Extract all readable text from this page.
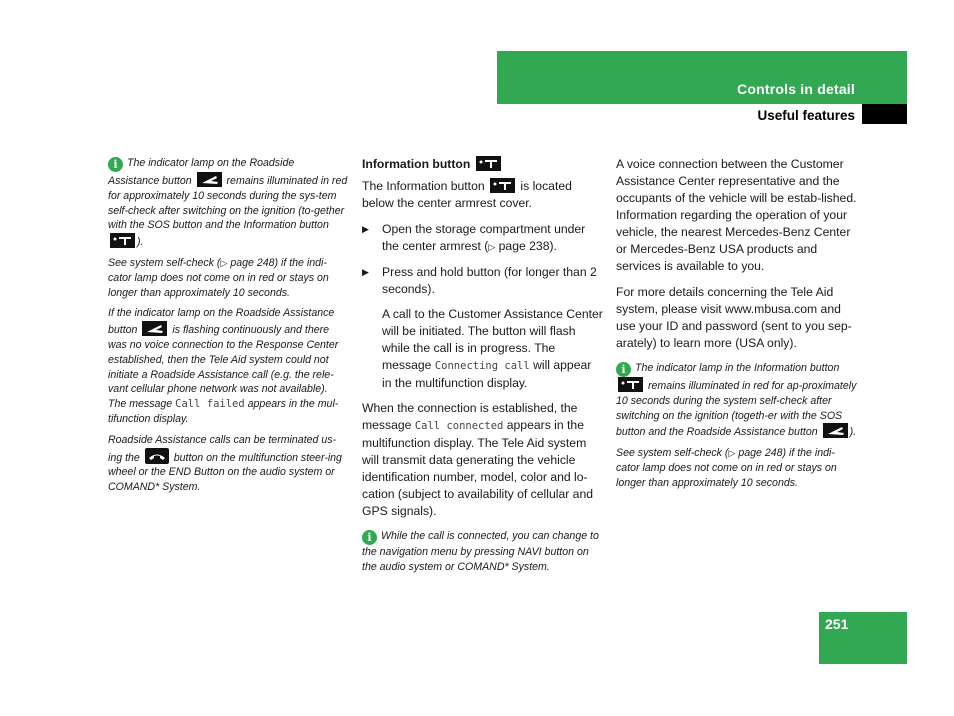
Controls in detail
Useful features

i The indicator lamp on the Roadside Assistance button	remains illuminated in red for approximately 10 seconds during the sys-tem self-check after switching on the ignition (to-gether with the SOS button and the Information button
).

See system self-check (▷ page 248) if the indi-cator lamp does not come on in red or stays on longer than approximately 10 seconds.

If the indicator lamp on the Roadside Assistance button	is flashing continuously and there was no voice connection to the Response Center established, then the Tele Aid system could not initiate a Roadside Assistance call (e.g. the rele-vant cellular phone network was not available). The message Call failed appears in the mul-tifunction display.

Roadside Assistance calls can be terminated us-ing the	button on the multifunction steer-ing wheel or the END Button on the audio system or COMAND* System.

Information button

The Information button	is located below the center armrest cover.

▶ Open the storage compartment under the center armrest (▷ page 238).
▶ Press and hold button (for longer than 2 seconds).

A call to the Customer Assistance Center will be initiated. The button will flash while the call is in progress. The message Connecting call will appear in the multifunction display.

When the connection is established, the message Call connected appears in the multifunction display. The Tele Aid system will transmit data generating the vehicle identification number, model, color and lo-cation (subject to availability of cellular and GPS signals).

i While the call is connected, you can change to the navigation menu by pressing NAVI button on the audio system or COMAND* System.

A voice connection between the Customer Assistance Center representative and the occupants of the vehicle will be estab-lished. Information regarding the operation of your vehicle, the nearest Mercedes-Benz Center or Mercedes-Benz USA products and services is available to you.

For more details concerning the Tele Aid system, please visit www.mbusa.com and use your ID and password (sent to you sep-arately) to learn more (USA only).

i The indicator lamp in the Information button
remains illuminated in red for ap-proximately 10 seconds during the system self-check after switching on the ignition (togeth-er with the SOS button and the Roadside Assistance button	).

See system self-check (▷ page 248) if the indi-cator lamp does not come on in red or stays on longer than approximately 10 seconds.

251
